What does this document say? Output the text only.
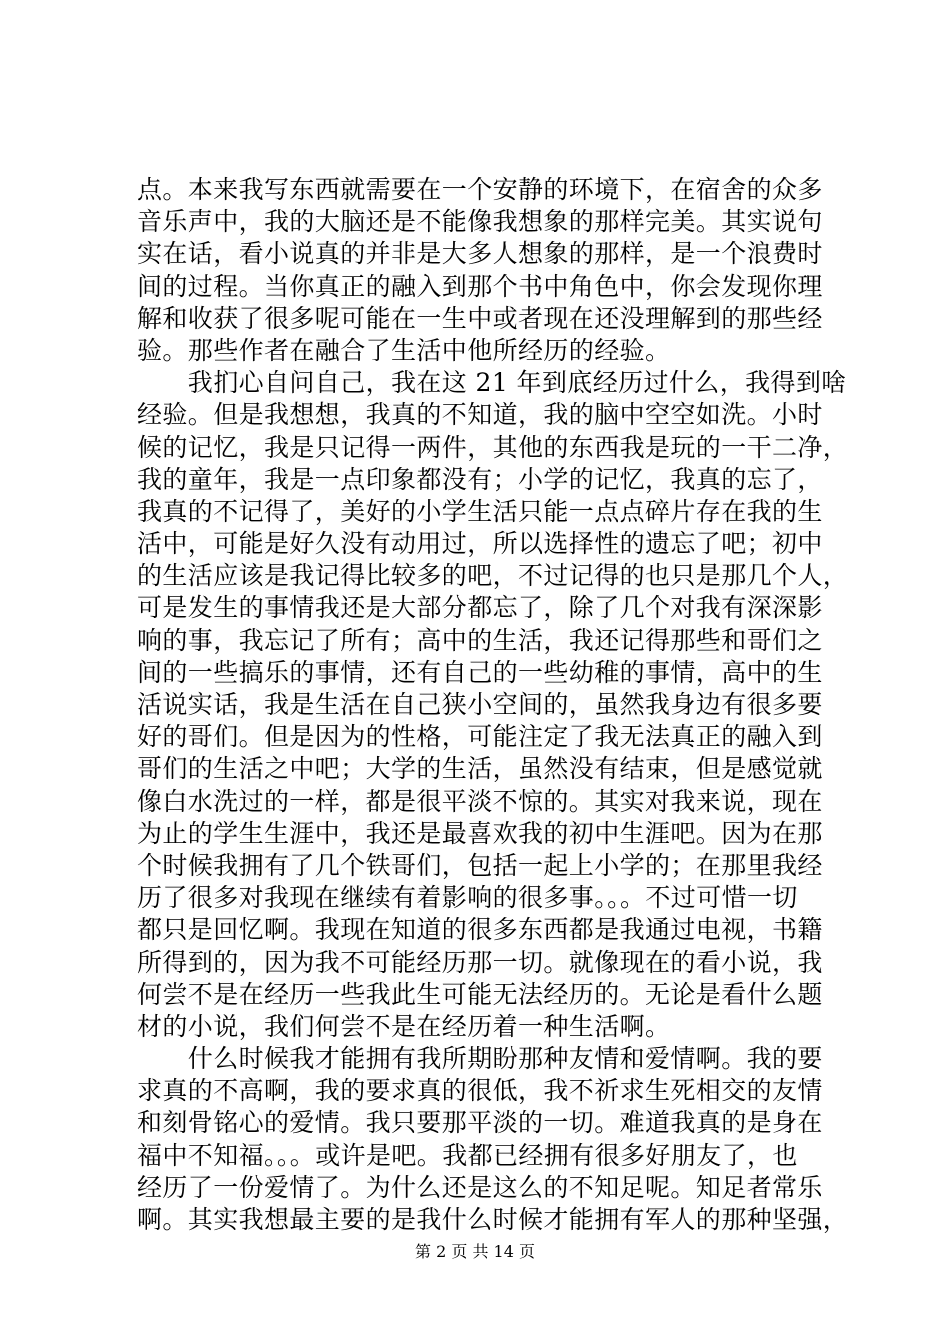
点。本来我写东西就需要在一个安静的环境下，在宿舍的众多
音乐声中，我的大脑还是不能像我想象的那样完美。其实说句
实在话，看小说真的并非是大多人想象的那样，是一个浪费时
间的过程。当你真正的融入到那个书中角色中，你会发现你理
解和收获了很多呢可能在一生中或者现在还没理解到的那些经
验。那些作者在融合了生活中他所经历的经验。
　　我扪心自问自己，我在这 21 年到底经历过什么，我得到啥
经验。但是我想想，我真的不知道，我的脑中空空如洗。小时
候的记忆，我是只记得一两件，其他的东西我是玩的一干二净，
我的童年，我是一点印象都没有；小学的记忆，我真的忘了，
我真的不记得了，美好的小学生活只能一点点碎片存在我的生
活中，可能是好久没有动用过，所以选择性的遗忘了吧；初中
的生活应该是我记得比较多的吧，不过记得的也只是那几个人，
可是发生的事情我还是大部分都忘了，除了几个对我有深深影
响的事，我忘记了所有；高中的生活，我还记得那些和哥们之
间的一些搞乐的事情，还有自己的一些幼稚的事情，高中的生
活说实话，我是生活在自己狭小空间的，虽然我身边有很多要
好的哥们。但是因为的性格，可能注定了我无法真正的融入到
哥们的生活之中吧；大学的生活，虽然没有结束，但是感觉就
像白水洗过的一样，都是很平淡不惊的。其实对我来说，现在
为止的学生生涯中，我还是最喜欢我的初中生涯吧。因为在那
个时候我拥有了几个铁哥们，包括一起上小学的；在那里我经
历了很多对我现在继续有着影响的很多事。。。不过可惜一切
都只是回忆啊。我现在知道的很多东西都是我通过电视，书籍
所得到的，因为我不可能经历那一切。就像现在的看小说，我
何尝不是在经历一些我此生可能无法经历的。无论是看什么题
材的小说，我们何尝不是在经历着一种生活啊。
　　什么时候我才能拥有我所期盼那种友情和爱情啊。我的要
求真的不高啊，我的要求真的很低，我不祈求生死相交的友情
和刻骨铭心的爱情。我只要那平淡的一切。难道我真的是身在
福中不知福。。。或许是吧。我都已经拥有很多好朋友了，也
经历了一份爱情了。为什么还是这么的不知足呢。知足者常乐
啊。其实我想最主要的是我什么时候才能拥有军人的那种坚强，
第 2 页 共 14 页
